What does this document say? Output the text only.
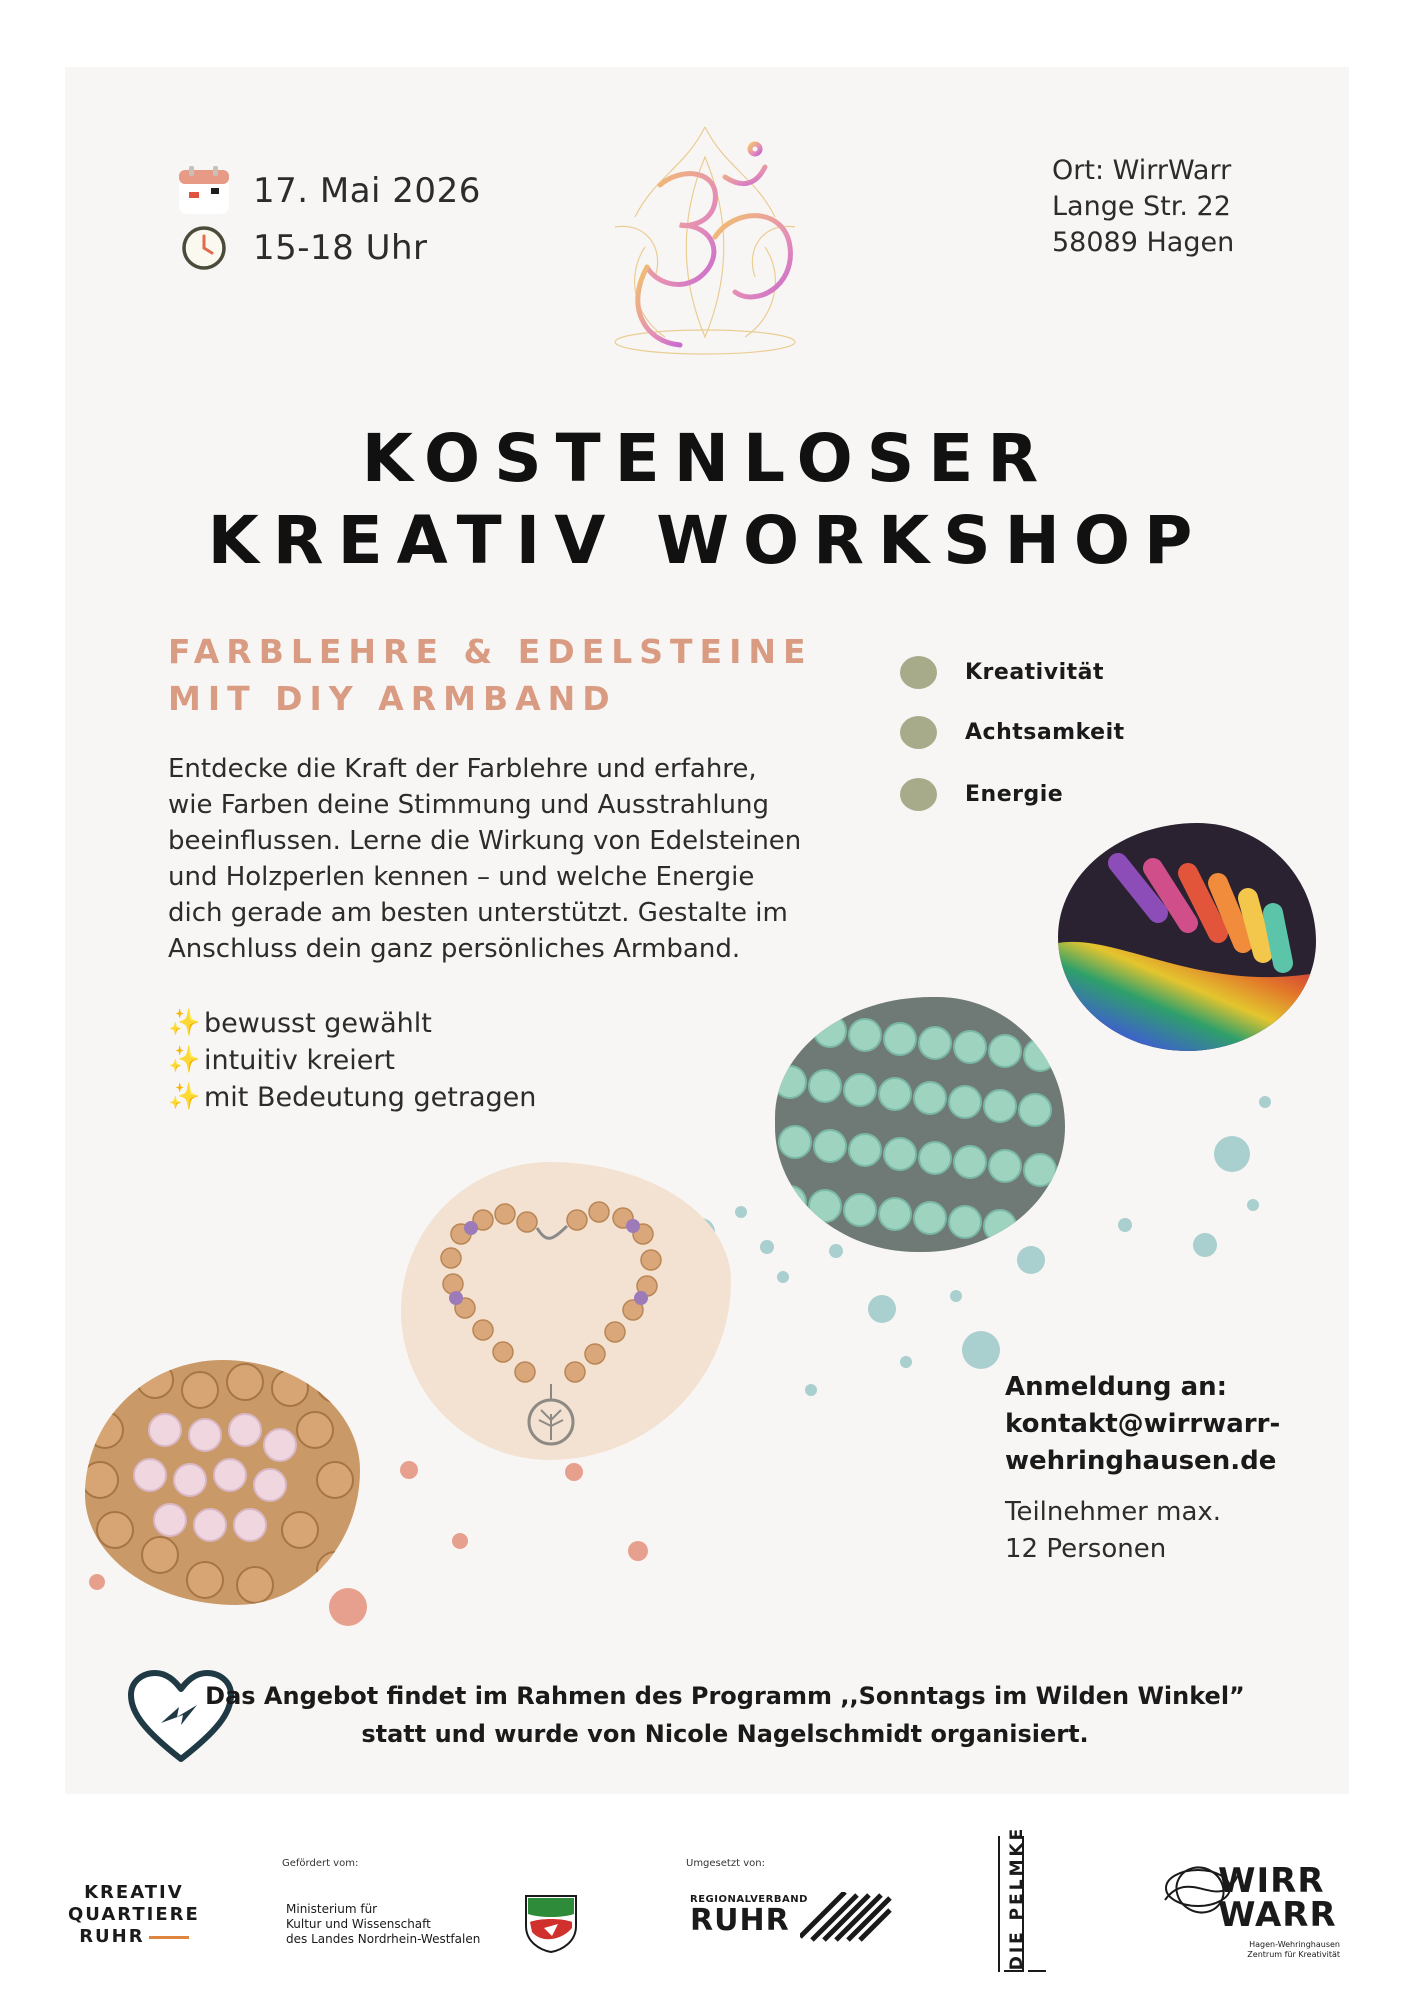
17. Mai 2026
15-18 Uhr
Ort: WirrWarr
Lange Str. 22
58089 Hagen
KOSTENLOSER
KREATIV WORKSHOP
FARBLEHRE & EDELSTEINE
MIT DIY ARMBAND
Kreativität
Achtsamkeit
Energie
Entdecke die Kraft der Farblehre und erfahre,
wie Farben deine Stimmung und Ausstrahlung
beeinflussen. Lerne die Wirkung von Edelsteinen
und Holzperlen kennen – und welche Energie
dich gerade am besten unterstützt. Gestalte im
Anschluss dein ganz persönliches Armband.
✨ bewusst gewählt
✨ intuitiv kreiert
✨ mit Bedeutung getragen
Anmeldung an:
kontakt@wirrwarr-
wehringhausen.de
Teilnehmer max.
12 Personen
Das Angebot findet im Rahmen des Programm ,,Sonntags im Wilden Winkel”
statt und wurde von Nicole Nagelschmidt organisiert.
KREATIV
QUARTIERE
RUHR
Gefördert vom:
Ministerium für
Kultur und Wissenschaft
des Landes Nordrhein-Westfalen
Umgesetzt von:
REGIONALVERBAND
RUHR	DIE PELMKE	WIRR WARR
Hagen-Wehringhausen
Zentrum für Kreativität
